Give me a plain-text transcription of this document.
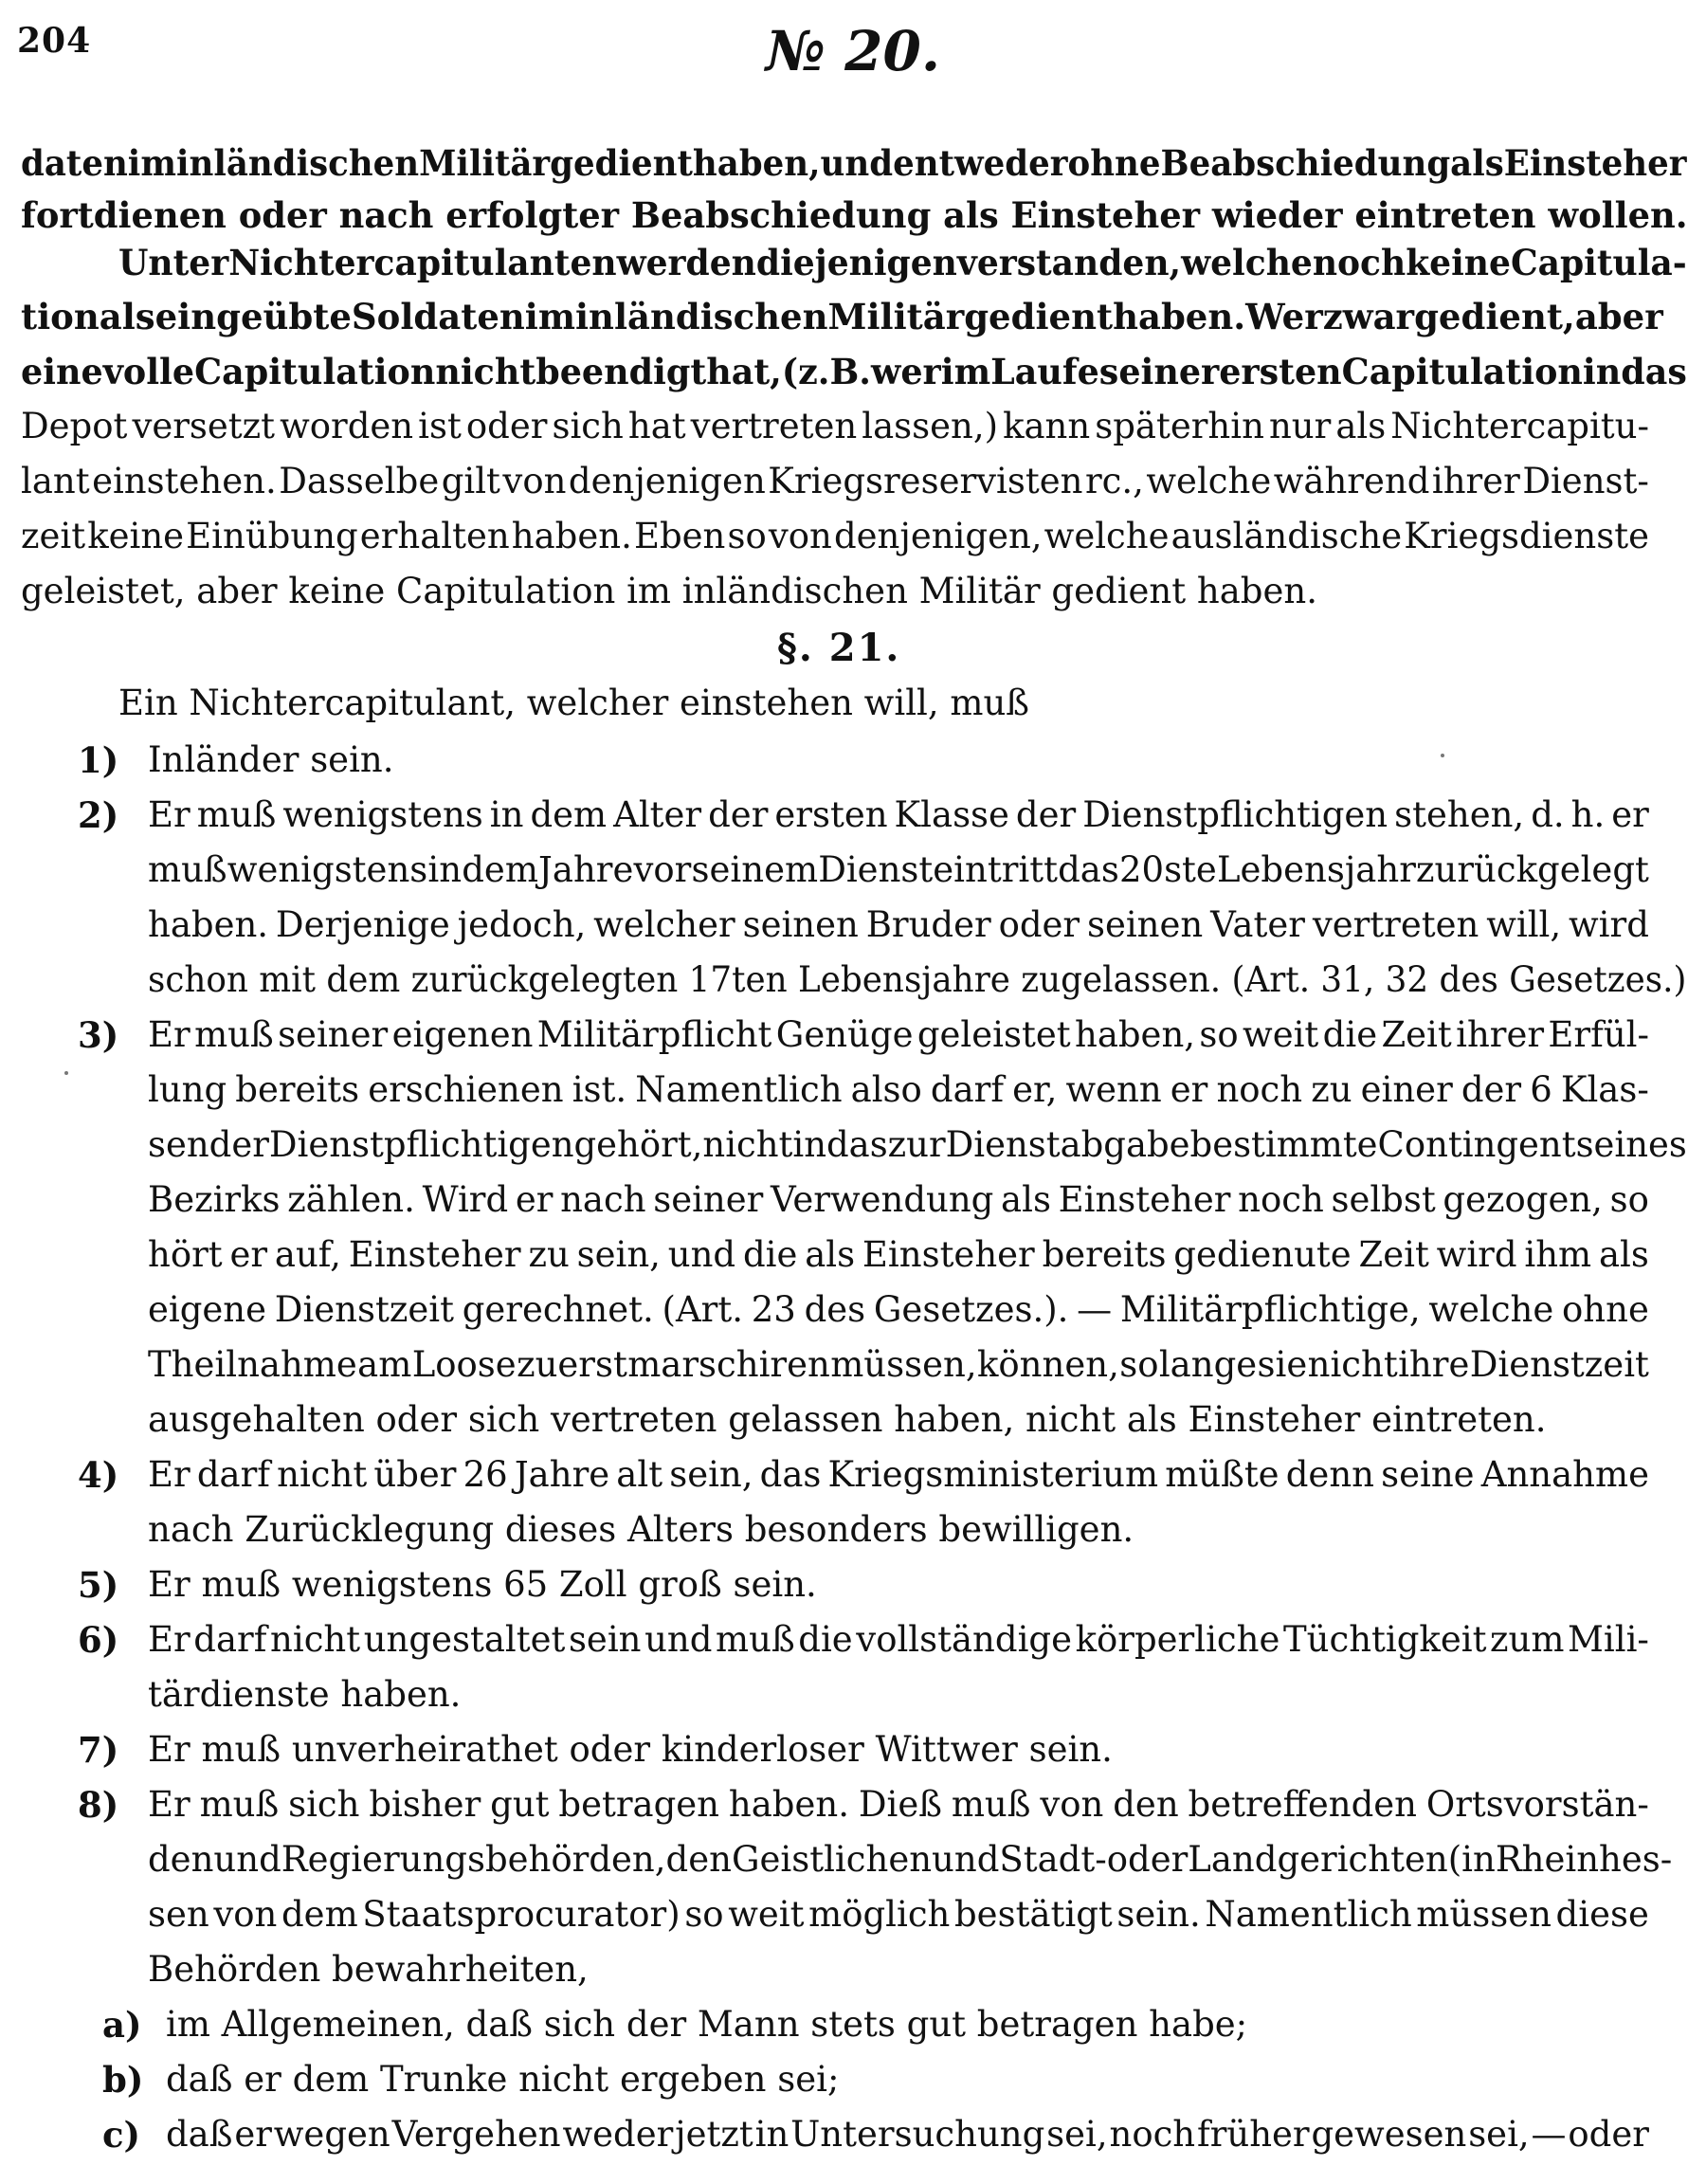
204	№ 20.
daten im inländischen Militär gedient haben, und entweder ohne Beabschiedung als Einsteher
fortdienen oder nach erfolgter Beabschiedung als Einsteher wieder eintreten wollen.
Unter Nichtercapitulanten werden diejenigen verstanden, welche noch keine Capitula-
tion als eingeübte Soldaten im inländischen Militär gedient haben. Wer zwar gedient, aber
eine volle Capitulation nicht beendigt hat, (z. B. wer im Laufe seiner ersten Capitulation in das
Depot versetzt worden ist oder sich hat vertreten lassen,) kann späterhin nur als Nichtercapitu-
lant einstehen. Dasselbe gilt von denjenigen Kriegsreservisten rc., welche während ihrer Dienst-
zeit keine Einübung erhalten haben. Eben so von denjenigen, welche ausländische Kriegsdienste
geleistet, aber keine Capitulation im inländischen Militär gedient haben.
§. 21.
Ein Nichtercapitulant, welcher einstehen will, muß
1) Inländer sein.
2) Er muß wenigstens in dem Alter der ersten Klasse der Dienstpflichtigen stehen, d. h. er
muß wenigstens in dem Jahre vor seinem Diensteintritt das 20ste Lebensjahr zurückgelegt
haben. Derjenige jedoch, welcher seinen Bruder oder seinen Vater vertreten will, wird
schon mit dem zurückgelegten 17ten Lebensjahre zugelassen. (Art. 31, 32 des Gesetzes.)
3) Er muß seiner eigenen Militärpflicht Genüge geleistet haben, so weit die Zeit ihrer Erfül-
lung bereits erschienen ist. Namentlich also darf er, wenn er noch zu einer der 6 Klas-
sen der Dienstpflichtigen gehört, nicht in das zur Dienstabgabe bestimmte Contingent seines
Bezirks zählen. Wird er nach seiner Verwendung als Einsteher noch selbst gezogen, so
hört er auf, Einsteher zu sein, und die als Einsteher bereits gedienute Zeit wird ihm als
eigene Dienstzeit gerechnet. (Art. 23 des Gesetzes.). — Militärpflichtige, welche ohne
Theilnahme am Loose zuerst marschiren müssen, können, so lange sie nicht ihre Dienstzeit
ausgehalten oder sich vertreten gelassen haben, nicht als Einsteher eintreten.
4) Er darf nicht über 26 Jahre alt sein, das Kriegsministerium müßte denn seine Annahme
nach Zurücklegung dieses Alters besonders bewilligen.
5) Er muß wenigstens 65 Zoll groß sein.
6) Er darf nicht ungestaltet sein und muß die vollständige körperliche Tüchtigkeit zum Mili-
tärdienste haben.
7) Er muß unverheirathet oder kinderloser Wittwer sein.
8) Er muß sich bisher gut betragen haben. Dieß muß von den betreffenden Ortsvorstän-
den und Regierungsbehörden, den Geistlichen und Stadt- oder Landgerichten (in Rheinhes-
sen von dem Staatsprocurator) so weit möglich bestätigt sein. Namentlich müssen diese
Behörden bewahrheiten,
a) im Allgemeinen, daß sich der Mann stets gut betragen habe;
b) daß er dem Trunke nicht ergeben sei;
c) daß er wegen Vergehen weder jetzt in Untersuchung sei, noch früher gewesen sei, — oder
